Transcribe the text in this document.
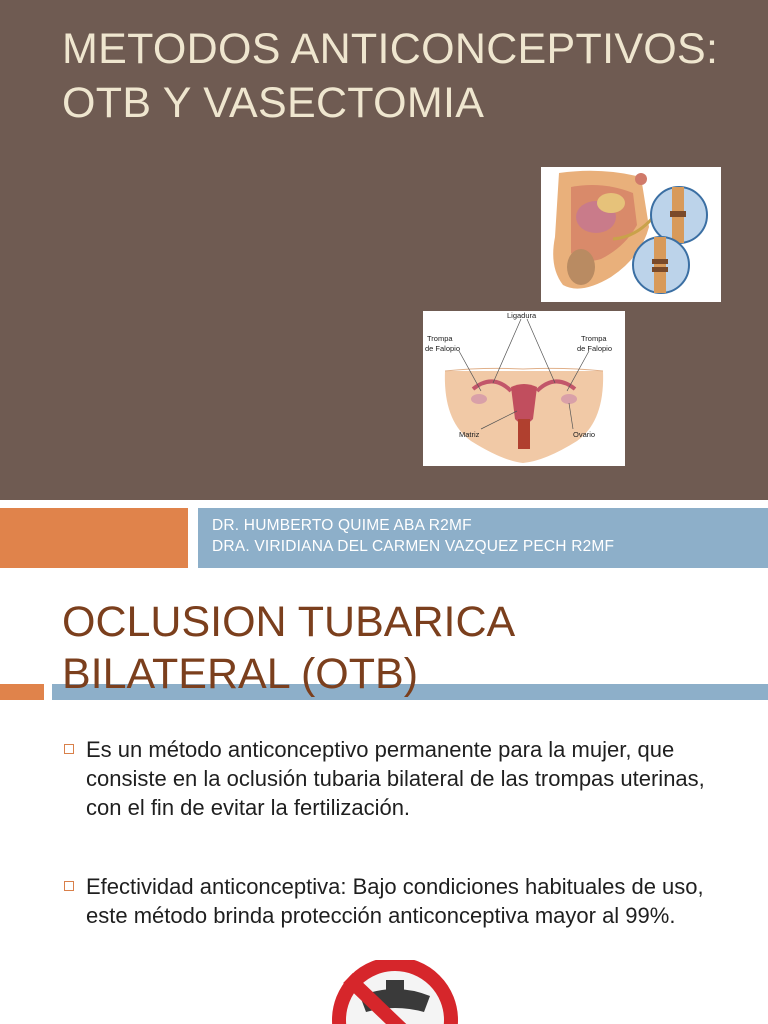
METODOS ANTICONCEPTIVOS: OTB Y VASECTOMIA
Ligadura
Trompa de Falopio
Trompa de Falopio
Matriz	Ovario
DR. HUMBERTO QUIME ABA R2MF
DRA. VIRIDIANA DEL CARMEN VAZQUEZ PECH R2MF
OCLUSION TUBARICA BILATERAL (OTB)
Es un método anticonceptivo permanente para la mujer, que consiste en la oclusión tubaria bilateral de las trompas uterinas, con el fin de evitar la fertilización.
Efectividad anticonceptiva: Bajo condiciones habituales de uso, este método brinda protección anticonceptiva mayor al 99%.
